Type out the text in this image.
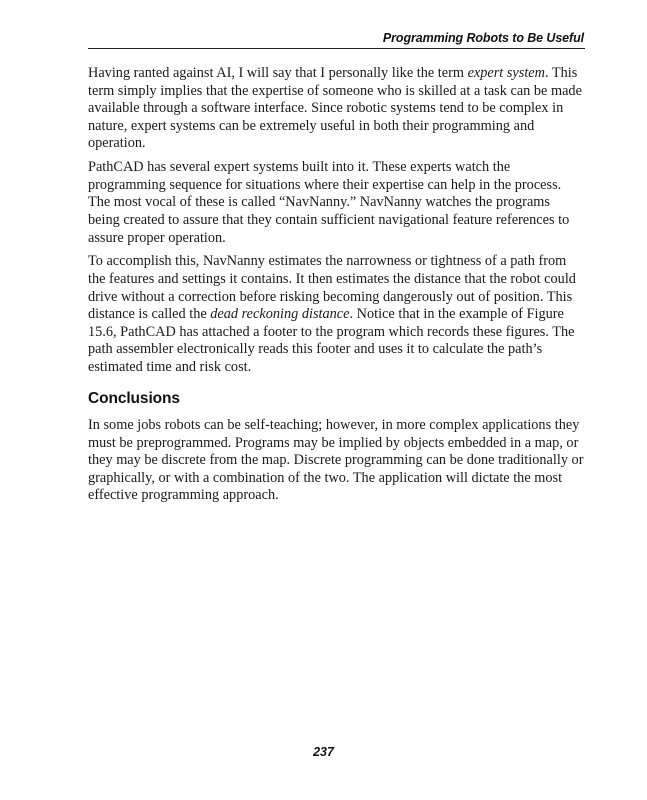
Programming Robots to Be Useful

Having ranted against AI, I will say that I personally like the term expert system. This term simply implies that the expertise of someone who is skilled at a task can be made available through a software interface. Since robotic systems tend to be complex in nature, expert systems can be extremely useful in both their programming and operation.

PathCAD has several expert systems built into it. These experts watch the programming sequence for situations where their expertise can help in the process. The most vocal of these is called “NavNanny.” NavNanny watches the programs being created to assure that they contain sufficient navigational feature references to assure proper operation.

To accomplish this, NavNanny estimates the narrowness or tightness of a path from the features and settings it contains. It then estimates the distance that the robot could drive without a correction before risking becoming dangerously out of position. This distance is called the dead reckoning distance. Notice that in the example of Figure 15.6, PathCAD has attached a footer to the program which records these figures. The path assembler electronically reads this footer and uses it to calculate the path’s estimated time and risk cost.

Conclusions

In some jobs robots can be self-teaching; however, in more complex applications they must be preprogrammed. Programs may be implied by objects embedded in a map, or they may be discrete from the map. Discrete programming can be done traditionally or graphically, or with a combination of the two. The application will dictate the most effective programming approach.

237
